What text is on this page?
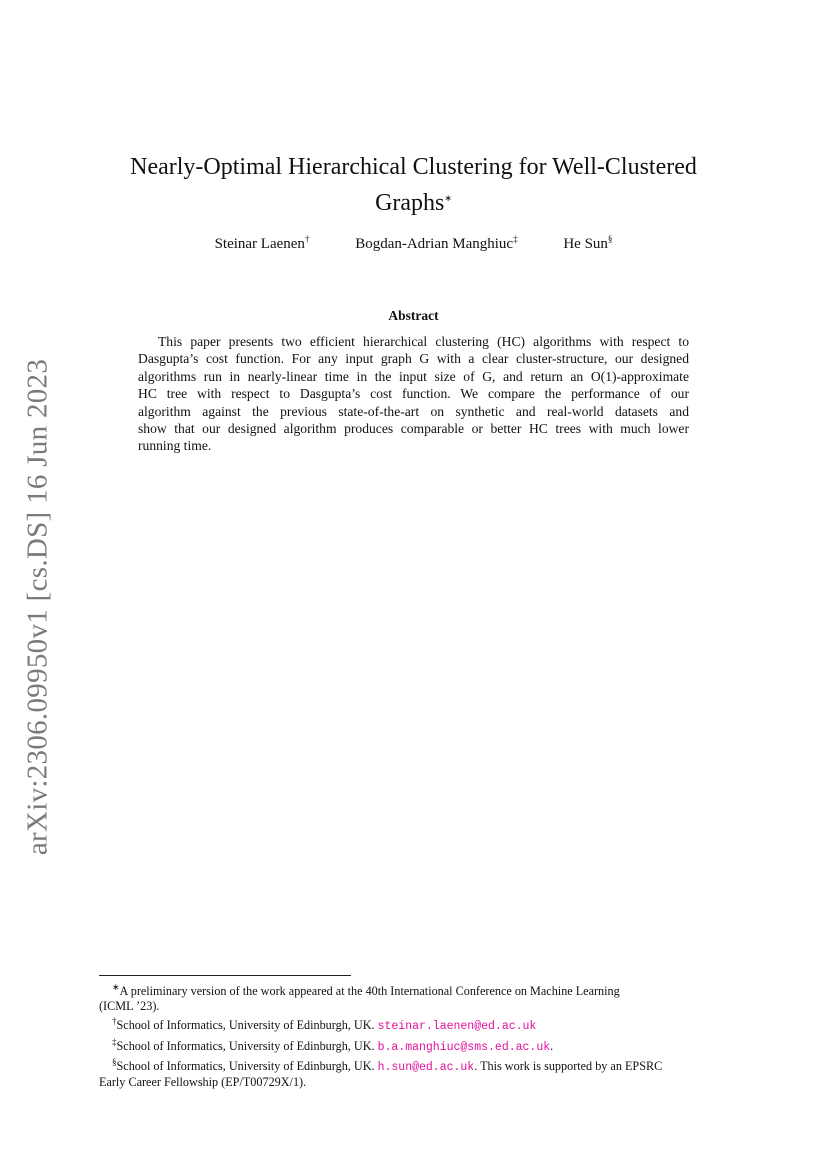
arXiv:2306.09950v1 [cs.DS] 16 Jun 2023
Nearly-Optimal Hierarchical Clustering for Well-Clustered
Graphs∗
Steinar Laenen†	Bogdan-Adrian Manghiuc‡	He Sun§
Abstract
This paper presents two efficient hierarchical clustering (HC) algorithms with respect to
Dasgupta’s cost function. For any input graph G with a clear cluster-structure, our designed
algorithms run in nearly-linear time in the input size of G, and return an O(1)-approximate
HC tree with respect to Dasgupta’s cost function. We compare the performance of our
algorithm against the previous state-of-the-art on synthetic and real-world datasets and
show that our designed algorithm produces comparable or better HC trees with much lower
running time.
∗A preliminary version of the work appeared at the 40th International Conference on Machine Learning
(ICML ’23).
†School of Informatics, University of Edinburgh, UK. steinar.laenen@ed.ac.uk
‡School of Informatics, University of Edinburgh, UK. b.a.manghiuc@sms.ed.ac.uk.
§School of Informatics, University of Edinburgh, UK. h.sun@ed.ac.uk. This work is supported by an EPSRC
Early Career Fellowship (EP/T00729X/1).
